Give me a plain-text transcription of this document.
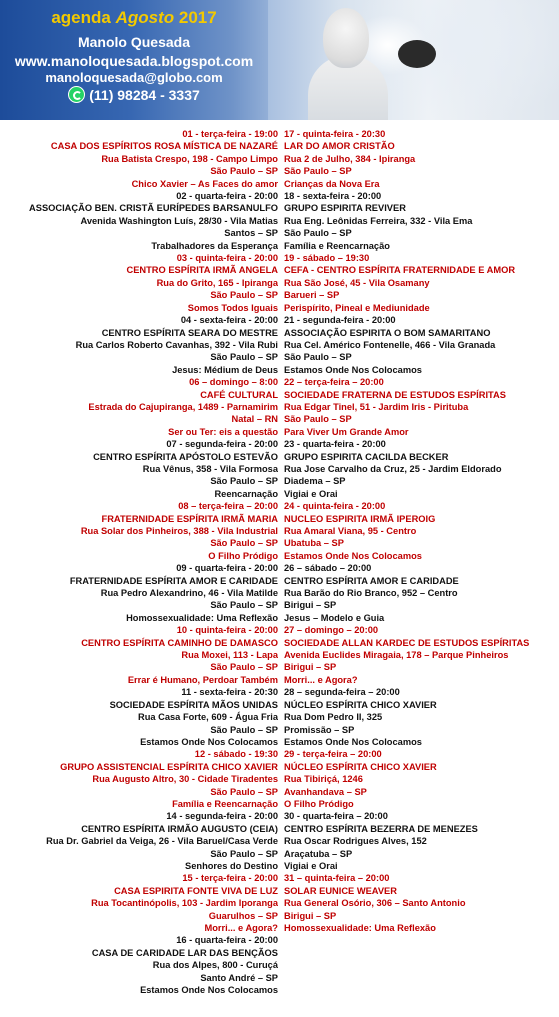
agenda Agosto 2017
Manolo Quesada
www.manoloquesada.blogspot.com
manoloquesada@globo.com
(11) 98284 - 3337
01 - terça-feira - 19:00
CASA DOS ESPÍRITOS ROSA MÍSTICA DE NAZARÉ
Rua Batista Crespo, 198 - Campo Limpo
São Paulo – SP
Chico Xavier – As Faces do amor
02 - quarta-feira - 20:00
ASSOCIAÇÃO BEN. CRISTÃ EURÍPEDES BARSANULFO
Avenida Washington Luís, 28/30 - Vila Matias
Santos – SP
Trabalhadores da Esperança
03 - quinta-feira - 20:00
CENTRO ESPÍRITA IRMÃ ANGELA
Rua do Grito, 165 - Ipiranga
São Paulo – SP
Somos Todos Iguais
04 - sexta-feira - 20:00
CENTRO ESPÍRITA SEARA DO MESTRE
Rua Carlos Roberto Cavanhas, 392 - Vila Rubi
São Paulo – SP
Jesus: Médium de Deus
06 – domingo – 8:00
CAFÉ CULTURAL
Estrada do Cajupiranga, 1489 - Parnamirim
Natal – RN
Ser ou Ter: eis a questão
07 - segunda-feira - 20:00
CENTRO ESPÍRITA APÓSTOLO ESTEVÃO
Rua Vênus, 358 - Vila Formosa
São Paulo – SP
Reencarnação
08 – terça-feira – 20:00
FRATERNIDADE ESPÍRITA IRMÃ MARIA
Rua Solar dos Pinheiros, 388 - Vila Industrial
São Paulo – SP
O Filho Pródigo
09 - quarta-feira - 20:00
FRATERNIDADE ESPÍRITA AMOR E CARIDADE
Rua Pedro Alexandrino, 46 - Vila Matilde
São Paulo – SP
Homossexualidade: Uma Reflexão
10 - quinta-feira - 20:00
CENTRO ESPÍRITA CAMINHO DE DAMASCO
Rua Moxei, 113 - Lapa
São Paulo – SP
Errar é Humano, Perdoar Também
11 - sexta-feira - 20:30
SOCIEDADE ESPÍRITA MÃOS UNIDAS
Rua Casa Forte, 609 - Água Fria
São Paulo – SP
Estamos Onde Nos Colocamos
12 - sábado - 19:30
GRUPO ASSISTENCIAL ESPÍRITA CHICO XAVIER
Rua Augusto Altro, 30 - Cidade Tiradentes
São Paulo – SP
Família e Reencarnação
14 - segunda-feira - 20:00
CENTRO ESPÍRITA IRMÃO AUGUSTO (CEIA)
Rua Dr. Gabriel da Veiga, 26 - Vila Baruel/Casa Verde
São Paulo – SP
Senhores do Destino
15 - terça-feira - 20:00
CASA ESPIRITA FONTE VIVA DE LUZ
Rua Tocantinópolis, 103 - Jardim Iporanga
Guarulhos – SP
Morri... e Agora?
16 - quarta-feira - 20:00
CASA DE CARIDADE LAR DAS BENÇÃOS
Rua dos Alpes, 800 - Curuçá
Santo André – SP
Estamos Onde Nos Colocamos
17 - quinta-feira - 20:30
LAR DO AMOR CRISTÃO
Rua 2 de Julho, 384 - Ipiranga
São Paulo – SP
Crianças da Nova Era
18 - sexta-feira - 20:00
GRUPO ESPIRITA REVIVER
Rua Eng. Leônidas Ferreira, 332 - Vila Ema
São Paulo – SP
Família e Reencarnação
19 - sábado – 19:30
CEFA - CENTRO ESPÍRITA FRATERNIDADE E AMOR
Rua São José, 45 - Vila Osamany
Barueri – SP
Perispírito, Pineal e Mediunidade
21 - segunda-feira - 20:00
ASSOCIAÇÃO ESPIRITA O BOM SAMARITANO
Rua Cel. Américo Fontenelle, 466 - Vila Granada
São Paulo – SP
Estamos Onde Nos Colocamos
22 – terça-feira – 20:00
SOCIEDADE FRATERNA DE ESTUDOS ESPÍRITAS
Rua Edgar Tinel, 51 - Jardim Iris - Pirituba
São Paulo – SP
Para Viver Um Grande Amor
23 - quarta-feira - 20:00
GRUPO ESPIRITA CACILDA BECKER
Rua Jose Carvalho da Cruz, 25 - Jardim Eldorado
Diadema – SP
Vigiai e Orai
24 - quinta-feira - 20:00
NUCLEO ESPIRITA IRMÃ IPEROIG
Rua Amaral Viana, 95 - Centro
Ubatuba – SP
Estamos Onde Nos Colocamos
26 – sábado – 20:00
CENTRO ESPÍRITA AMOR E CARIDADE
Rua Barão do Rio Branco, 952 – Centro
Birigui – SP
Jesus – Modelo e Guia
27 – domingo – 20:00
SOCIEDADE ALLAN KARDEC DE ESTUDOS ESPÍRITAS
Avenida Euclides Miragaia, 178 – Parque Pinheiros
Birigui – SP
Morri... e Agora?
28 – segunda-feira – 20:00
NÚCLEO ESPÍRITA CHICO XAVIER
Rua Dom Pedro II, 325
Promissão – SP
Estamos Onde Nos Colocamos
29 - terça-feira – 20:00
NÚCLEO ESPÍRITA CHICO XAVIER
Rua Tibiriçá, 1246
Avanhandava – SP
O Filho Pródigo
30 - quarta-feira – 20:00
CENTRO ESPÍRITA BEZERRA DE MENEZES
Rua Oscar Rodrigues Alves, 152
Araçatuba – SP
Vigiai e Orai
31 – quinta-feira – 20:00
SOLAR EUNICE WEAVER
Rua General Osório, 306 – Santo Antonio
Birigui – SP
Homossexualidade: Uma Reflexão
